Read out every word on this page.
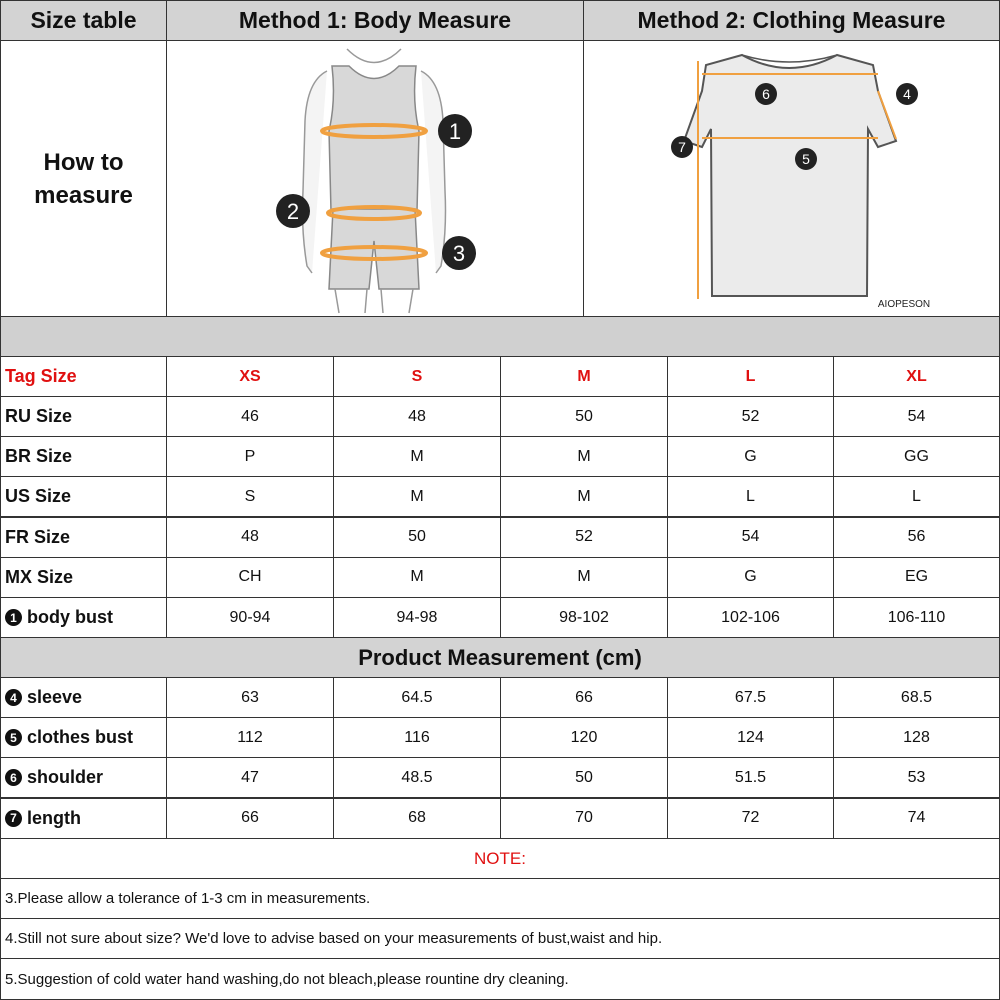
Size table	Method 1: Body Measure	Method 2: Clothing Measure
How to
measure
1
2
3
6	4
7
5
AIOPESON
Tag Size	XS	S	M	L	XL
RU Size	46	48	50	52	54
BR Size	P	M	M	G	GG
US Size	S	M	M	L	L
FR Size	48	50	52	54	56
MX Size	CH	M	M	G	EG
1 body bust	90-94	94-98	98-102	102-106	106-110
Product Measurement (cm)
4 sleeve	63	64.5	66	67.5	68.5
5 clothes bust	112	116	120	124	128
6 shoulder	47	48.5	50	51.5	53
7 length	66	68	70	72	74
NOTE:
3.Please allow a tolerance of 1-3 cm in measurements.
4.Still not sure about size? We'd love to advise based on your measurements of bust,waist and hip.
5.Suggestion of cold water hand washing,do not bleach,please rountine dry cleaning.
